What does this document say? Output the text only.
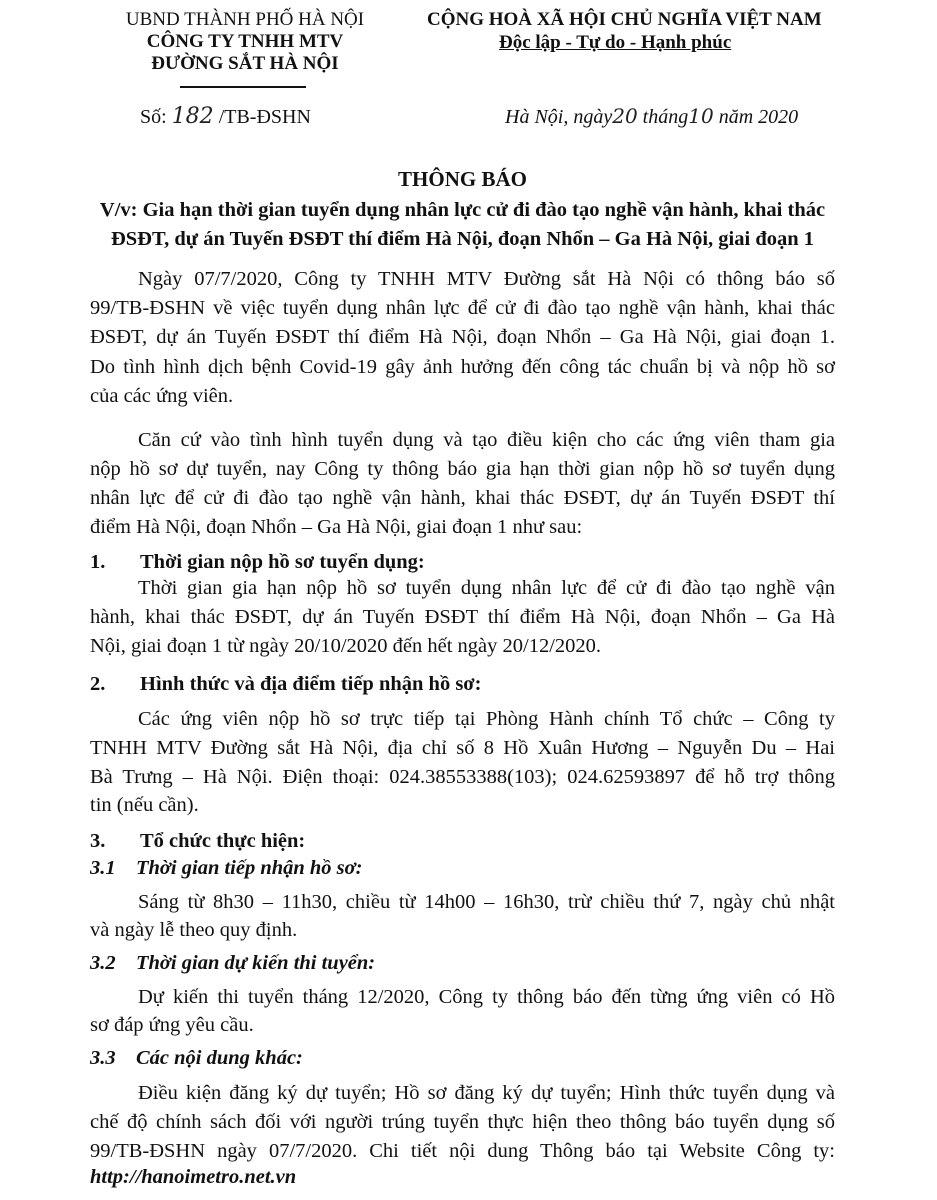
UBND THÀNH PHỐ HÀ NỘI
CÔNG TY TNHH MTV
ĐƯỜNG SẮT HÀ NỘI
Số: 182 /TB-ĐSHN
CỘNG HOÀ XÃ HỘI CHỦ NGHĨA VIỆT NAM
Độc lập - Tự do - Hạnh phúc
Hà Nội, ngày20 tháng10 năm 2020
THÔNG BÁO
V/v: Gia hạn thời gian tuyển dụng nhân lực cử đi đào tạo nghề vận hành, khai thác
ĐSĐT, dự án Tuyến ĐSĐT thí điểm Hà Nội, đoạn Nhổn – Ga Hà Nội, giai đoạn 1
Ngày 07/7/2020, Công ty TNHH MTV Đường sắt Hà Nội có thông báo số
99/TB-ĐSHN về việc tuyển dụng nhân lực để cử đi đào tạo nghề vận hành, khai thác
ĐSĐT, dự án Tuyến ĐSĐT thí điểm Hà Nội, đoạn Nhổn – Ga Hà Nội, giai đoạn 1.
Do tình hình dịch bệnh Covid-19 gây ảnh hưởng đến công tác chuẩn bị và nộp hồ sơ
của các ứng viên.
Căn cứ vào tình hình tuyển dụng và tạo điều kiện cho các ứng viên tham gia
nộp hồ sơ dự tuyển, nay Công ty thông báo gia hạn thời gian nộp hồ sơ tuyển dụng
nhân lực để cử đi đào tạo nghề vận hành, khai thác ĐSĐT, dự án Tuyến ĐSĐT thí
điểm Hà Nội, đoạn Nhổn – Ga Hà Nội, giai đoạn 1 như sau:
1. Thời gian nộp hồ sơ tuyển dụng:
Thời gian gia hạn nộp hồ sơ tuyển dụng nhân lực để cử đi đào tạo nghề vận
hành, khai thác ĐSĐT, dự án Tuyến ĐSĐT thí điểm Hà Nội, đoạn Nhổn – Ga Hà
Nội, giai đoạn 1 từ ngày 20/10/2020 đến hết ngày 20/12/2020.
2. Hình thức và địa điểm tiếp nhận hồ sơ:
Các ứng viên nộp hồ sơ trực tiếp tại Phòng Hành chính Tổ chức – Công ty
TNHH MTV Đường sắt Hà Nội, địa chỉ số 8 Hồ Xuân Hương – Nguyễn Du – Hai
Bà Trưng – Hà Nội. Điện thoại: 024.38553388(103); 024.62593897 để hỗ trợ thông
tin (nếu cần).
3. Tổ chức thực hiện:
3.1 Thời gian tiếp nhận hồ sơ:
Sáng từ 8h30 – 11h30, chiều từ 14h00 – 16h30, trừ chiều thứ 7, ngày chủ nhật
và ngày lễ theo quy định.
3.2 Thời gian dự kiến thi tuyển:
Dự kiến thi tuyển tháng 12/2020, Công ty thông báo đến từng ứng viên có Hồ
sơ đáp ứng yêu cầu.
3.3 Các nội dung khác:
Điều kiện đăng ký dự tuyển; Hồ sơ đăng ký dự tuyển; Hình thức tuyển dụng và
chế độ chính sách đối với người trúng tuyển thực hiện theo thông báo tuyển dụng số
99/TB-ĐSHN ngày 07/7/2020. Chi tiết nội dung Thông báo tại Website Công ty:
http://hanoimetro.net.vn
